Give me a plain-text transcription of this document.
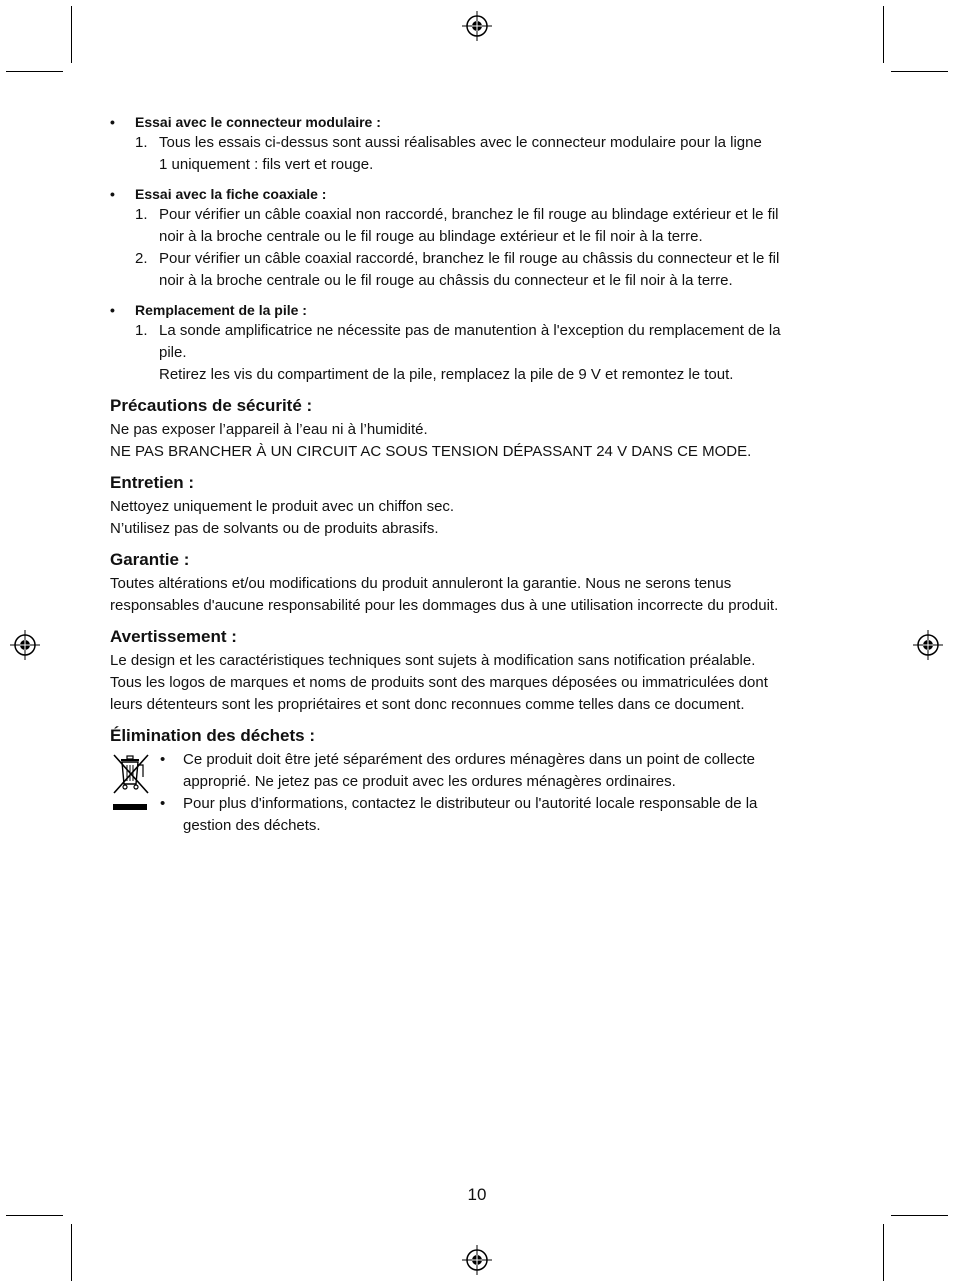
• Essai avec le connecteur modulaire :
1. Tous les essais ci-dessus sont aussi réalisables avec le connecteur modulaire pour la ligne
1 uniquement : fils vert et rouge.
• Essai avec la fiche coaxiale :
1. Pour vérifier un câble coaxial non raccordé, branchez le fil rouge au blindage extérieur et le fil
noir à la broche centrale ou le fil rouge au blindage extérieur et le fil noir à la terre.
2. Pour vérifier un câble coaxial raccordé, branchez le fil rouge au châssis du connecteur et le fil
noir à la broche centrale ou le fil rouge au châssis du connecteur et le fil noir à la terre.
• Remplacement de la pile :
1. La sonde amplificatrice ne nécessite pas de manutention à l'exception du remplacement de la
pile.
Retirez les vis du compartiment de la pile, remplacez la pile de 9 V et remontez le tout.
Précautions de sécurité :
Ne pas exposer l’appareil à l’eau ni à l’humidité.
NE PAS BRANCHER À UN CIRCUIT AC SOUS TENSION DÉPASSANT 24 V DANS CE MODE.
Entretien :
Nettoyez uniquement le produit avec un chiffon sec.
N’utilisez pas de solvants ou de produits abrasifs.
Garantie :
Toutes altérations et/ou modifications du produit annuleront la garantie. Nous ne serons tenus
responsables d'aucune responsabilité pour les dommages dus à une utilisation incorrecte du produit.
Avertissement :
Le design et les caractéristiques techniques sont sujets à modification sans notification préalable.
Tous les logos de marques et noms de produits sont des marques déposées ou immatriculées dont
leurs détenteurs sont les propriétaires et sont donc reconnues comme telles dans ce document.
Élimination des déchets :
• Ce produit doit être jeté séparément des ordures ménagères dans un point de collecte
approprié. Ne jetez pas ce produit avec les ordures ménagères ordinaires.
• Pour plus d'informations, contactez le distributeur ou l'autorité locale responsable de la
gestion des déchets.
10
